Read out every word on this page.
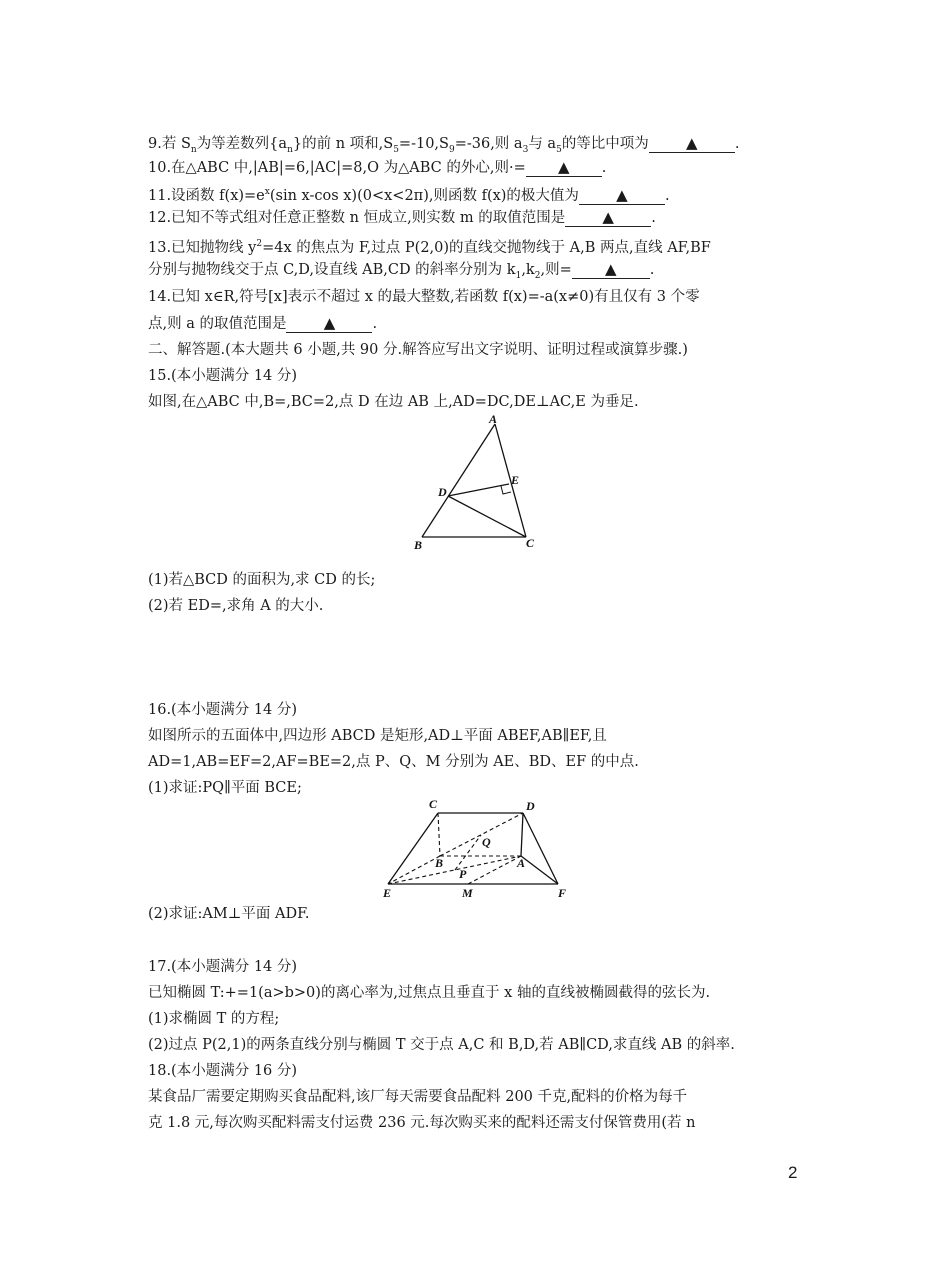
9.若 $S_n$为等差数列$\{a_n\}$的前 n 项和$,S_5=-10,S_9=-36$,则 $a_3$与 $a_5$的等比中项为 ▲	.
10.在△ABC 中,|AB|=6,|AC|=8,O 为△ABC 的外心,则·= ▲ .
11.设函数 $f(x)=e^x(\sin$ x-cos x)(0<x<2π),则函数 f(x)的极大值为 ▲	.
12.已知不等式组对任意正整数 n 恒成立,则实数 m 的取值范围是 ▲	.
13.已知抛物线 $y^2=4x$ 的焦点为 F,过点 P(2,0)的直线交抛物线于 A,B 两点,直线 AF,BF
分别与抛物线交于点 C,D,设直线 AB,CD 的斜率分别为 $k_1,k_2$,则= ▲ .
14.已知 x∈R,符号[x]表示不超过 x 的最大整数,若函数 f(x)=-a(x≠0)有且仅有 3 个零
点,则 a 的取值范围是 ▲	.
二、解答题.(本大题共 6 小题,共 90 分.解答应写出文字说明、证明过程或演算步骤.)
15.(本小题满分 14 分)
如图,在△ABC 中,B=,BC=2,点 D 在边 AB 上,AD=DC,DE⊥AC,E 为垂足.
A
B	C
D
E
(1)若△BCD 的面积为,求 CD 的长;
(2)若 ED=,求角 A 的大小.
16.(本小题满分 14 分)
如图所示的五面体中,四边形 ABCD 是矩形,AD⊥平面 ABEF,AB∥EF,且
AD=1,AB=EF=2,AF=BE=2,点 P、Q、M 分别为 AE、BD、EF 的中点.
(1)求证:PQ∥平面 BCE;
C	D
B	A
Q
P
E	M	F
(2)求证:AM⊥平面 ADF.
17.(本小题满分 14 分)
已知椭圆 T:+=1(a>b>0)的离心率为,过焦点且垂直于 x 轴的直线被椭圆截得的弦长为.
(1)求椭圆 T 的方程;
(2)过点 P(2,1)的两条直线分别与椭圆 T 交于点 A,C 和 B,D,若 AB∥CD,求直线 AB 的斜率.
18.(本小题满分 16 分)
某食品厂需要定期购买食品配料,该厂每天需要食品配料 200 千克,配料的价格为每千
克 1.8 元,每次购买配料需支付运费 236 元.每次购买来的配料还需支付保管费用(若 n
2
